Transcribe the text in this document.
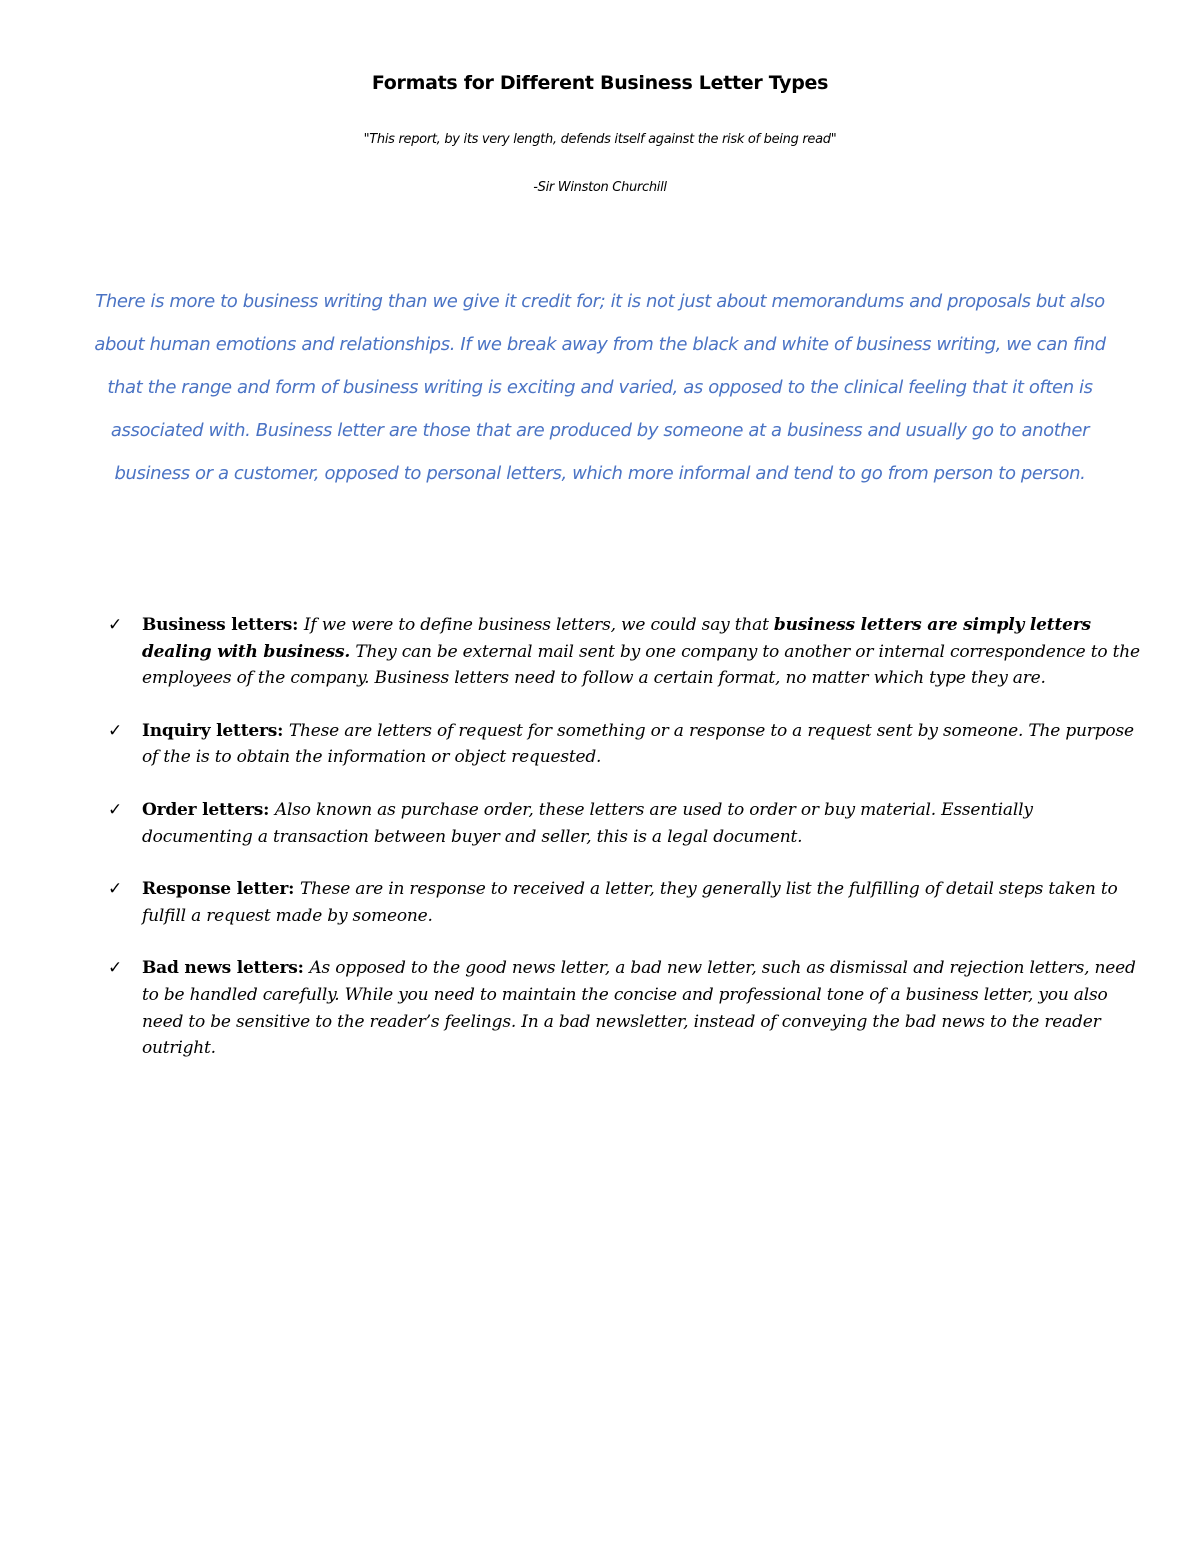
Formats for Different Business Letter Types
"This report, by its very length, defends itself against the risk of being read"
-Sir Winston Churchill
There is more to business writing than we give it credit for; it is not just about memorandums and proposals but also about human emotions and relationships. If we break away from the black and white of business writing, we can find that the range and form of business writing is exciting and varied, as opposed to the clinical feeling that it often is associated with. Business letter are those that are produced by someone at a business and usually go to another business or a customer, opposed to personal letters, which more informal and tend to go from person to person.
✓ Business letters: If we were to define business letters, we could say that business letters are simply letters dealing with business. They can be external mail sent by one company to another or internal correspondence to the employees of the company. Business letters need to follow a certain format, no matter which type they are.
✓ Inquiry letters: These are letters of request for something or a response to a request sent by someone. The purpose of the is to obtain the information or object requested.
✓ Order letters: Also known as purchase order, these letters are used to order or buy material. Essentially documenting a transaction between buyer and seller, this is a legal document.
✓ Response letter: These are in response to received a letter, they generally list the fulfilling of detail steps taken to fulfill a request made by someone.
✓ Bad news letters: As opposed to the good news letter, a bad new letter, such as dismissal and rejection letters, need to be handled carefully. While you need to maintain the concise and professional tone of a business letter, you also need to be sensitive to the reader’s feelings. In a bad newsletter, instead of conveying the bad news to the reader outright.
